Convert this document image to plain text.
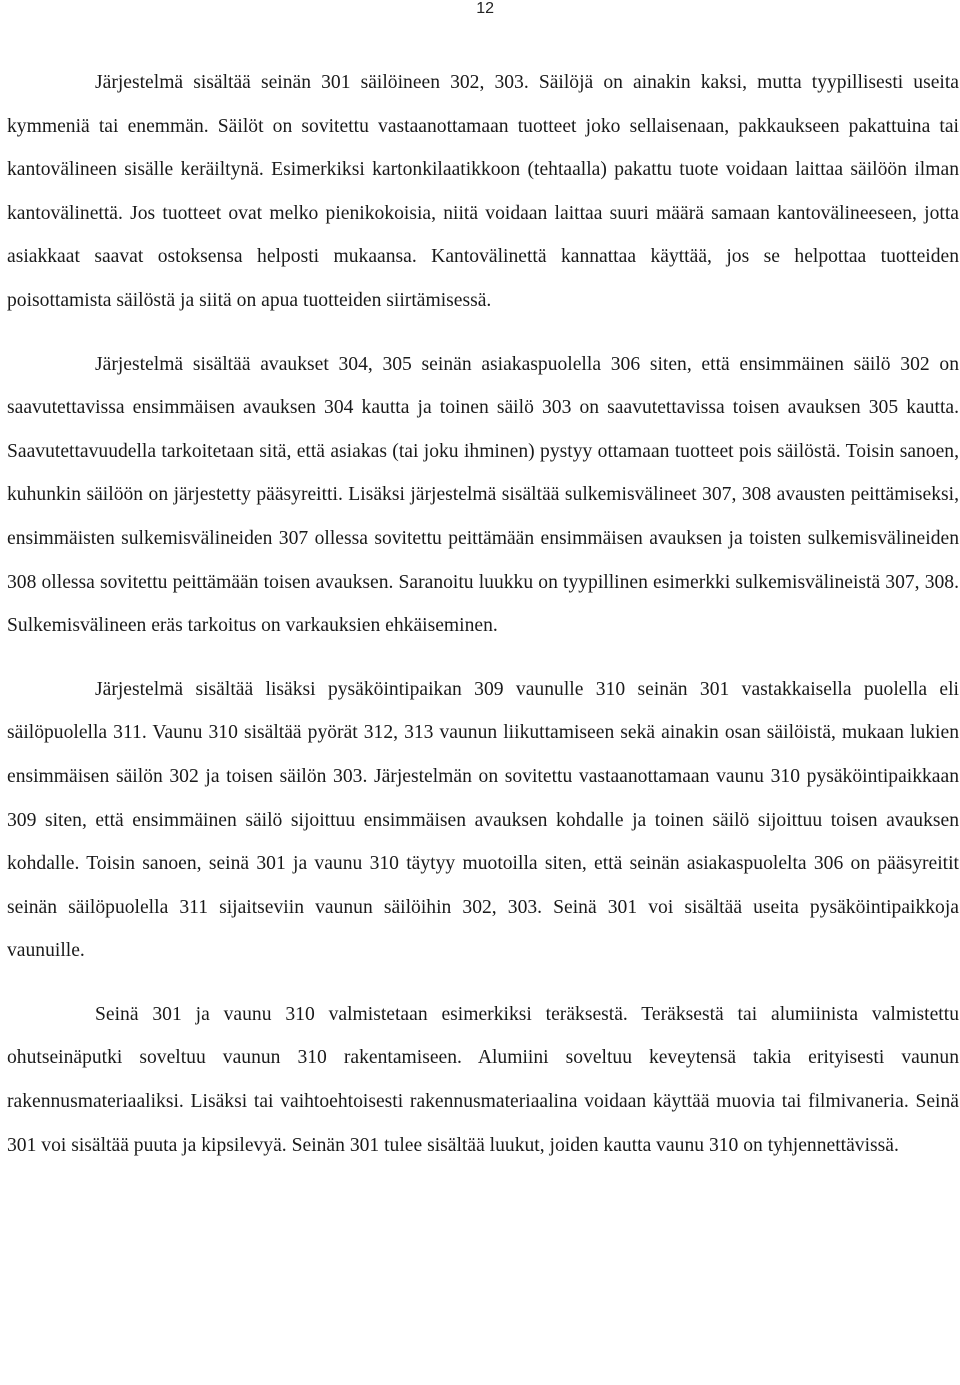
12

Järjestelmä sisältää seinän 301 säilöineen 302, 303. Säilöjä on ainakin kaksi, mutta tyypillisesti useita kymmeniä tai enemmän. Säilöt on sovitettu vastaanottamaan tuotteet joko sellaisenaan, pakkaukseen pakattuina tai kantovälineen sisälle keräiltynä. Esimerkiksi kartonkilaatikkoon (tehtaalla) pakattu tuote voidaan laittaa säilöön ilman kantovälinettä. Jos tuotteet ovat melko pienikokoisia, niitä voidaan laittaa suuri määrä samaan kantovälineeseen, jotta asiakkaat saavat ostoksensa helposti mukaansa. Kantovälinettä kannattaa käyttää, jos se helpottaa tuotteiden poisottamista säilöstä ja siitä on apua tuotteiden siirtämisessä.

Järjestelmä sisältää avaukset 304, 305 seinän asiakaspuolella 306 siten, että ensimmäinen säilö 302 on saavutettavissa ensimmäisen avauksen 304 kautta ja toinen säilö 303 on saavutettavissa toisen avauksen 305 kautta. Saavutettavuudella tarkoitetaan sitä, että asiakas (tai joku ihminen) pystyy ottamaan tuotteet pois säilöstä. Toisin sanoen, kuhunkin säilöön on järjestetty pääsyreitti. Lisäksi järjestelmä sisältää sulkemisvälineet 307, 308 avausten peittämiseksi, ensimmäisten sulkemisvälineiden 307 ollessa sovitettu peittämään ensimmäisen avauksen ja toisten sulkemisvälineiden 308 ollessa sovitettu peittämään toisen avauksen. Saranoitu luukku on tyypillinen esimerkki sulkemisvälineistä 307, 308. Sulkemisvälineen eräs tarkoitus on varkauksien ehkäiseminen.

Järjestelmä sisältää lisäksi pysäköintipaikan 309 vaunulle 310 seinän 301 vastakkaisella puolella eli säilöpuolella 311. Vaunu 310 sisältää pyörät 312, 313 vaunun liikuttamiseen sekä ainakin osan säilöistä, mukaan lukien ensimmäisen säilön 302 ja toisen säilön 303. Järjestelmän on sovitettu vastaanottamaan vaunu 310 pysäköintipaikkaan 309 siten, että ensimmäinen säilö sijoittuu ensimmäisen avauksen kohdalle ja toinen säilö sijoittuu toisen avauksen kohdalle. Toisin sanoen, seinä 301 ja vaunu 310 täytyy muotoilla siten, että seinän asiakaspuolelta 306 on pääsyreitit seinän säilöpuolella 311 sijaitseviin vaunun säilöihin 302, 303. Seinä 301 voi sisältää useita pysäköintipaikkoja vaunuille.

Seinä 301 ja vaunu 310 valmistetaan esimerkiksi teräksestä. Teräksestä tai alumiinista valmistettu ohutseinäputki soveltuu vaunun 310 rakentamiseen. Alumiini soveltuu keveytensä takia erityisesti vaunun rakennusmateriaaliksi. Lisäksi tai vaihtoehtoisesti rakennusmateriaalina voidaan käyttää muovia tai filmivaneria. Seinä 301 voi sisältää puuta ja kipsilevyä. Seinän 301 tulee sisältää luukut, joiden kautta vaunu 310 on tyhjennettävissä.
